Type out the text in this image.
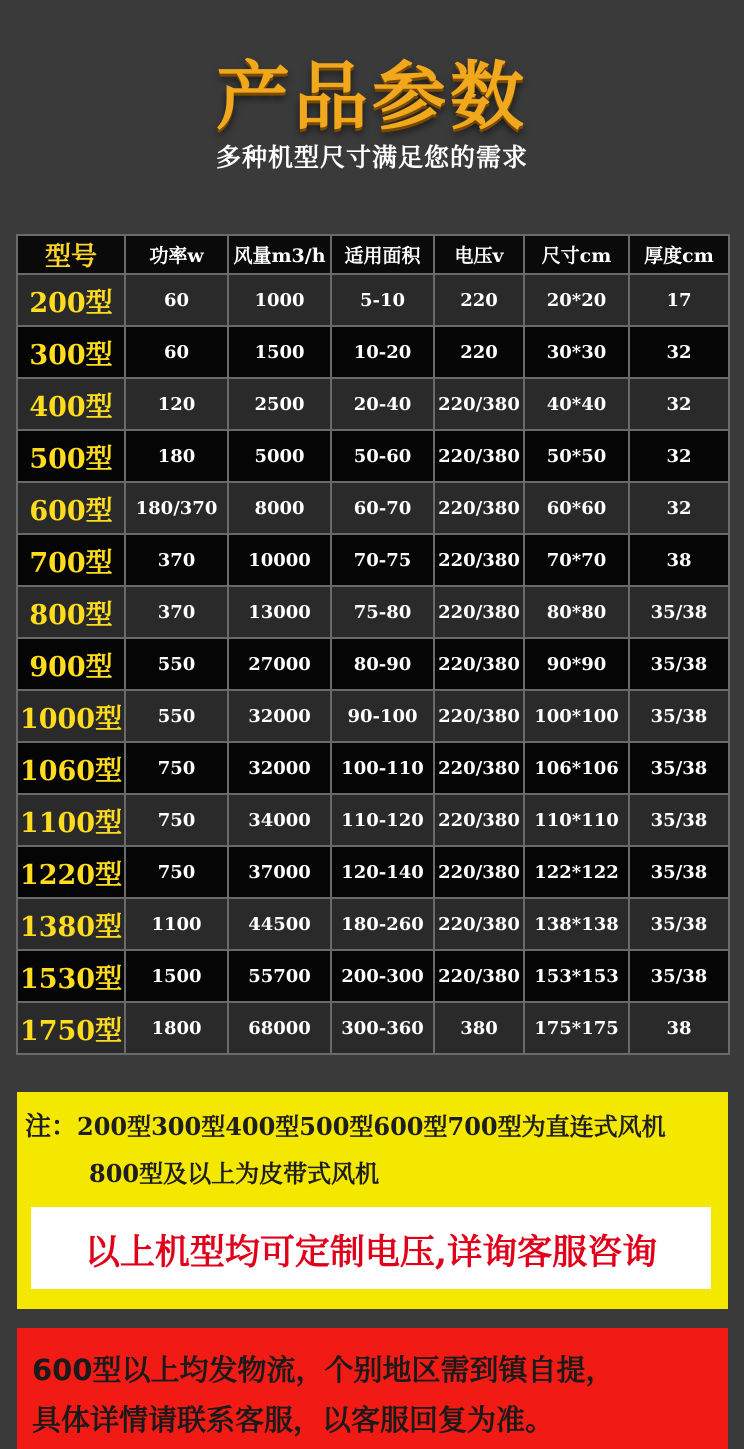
产品参数
多种机型尺寸满足您的需求
型号	功率w	风量m3/h	适用面积	电压v	尺寸cm	厚度cm
200型	60	1000	5-10	220	20*20	17
300型	60	1500	10-20	220	30*30	32
400型	120	2500	20-40	220/380	40*40	32
500型	180	5000	50-60	220/380	50*50	32
600型	180/370	8000	60-70	220/380	60*60	32
700型	370	10000	70-75	220/380	70*70	38
800型	370	13000	75-80	220/380	80*80	35/38
900型	550	27000	80-90	220/380	90*90	35/38
1000型	550	32000	90-100	220/380	100*100	35/38
1060型	750	32000	100-110	220/380	106*106	35/38
1100型	750	34000	110-120	220/380	110*110	35/38
1220型	750	37000	120-140	220/380	122*122	35/38
1380型	1100	44500	180-260	220/380	138*138	35/38
1530型	1500	55700	200-300	220/380	153*153	35/38
1750型	1800	68000	300-360	380	175*175	38
注：200型300型400型500型600型700型为直连式风机
800型及以上为皮带式风机
以上机型均可定制电压,详询客服咨询
600型以上均发物流，个别地区需到镇自提，
具体详情请联系客服，以客服回复为准。
